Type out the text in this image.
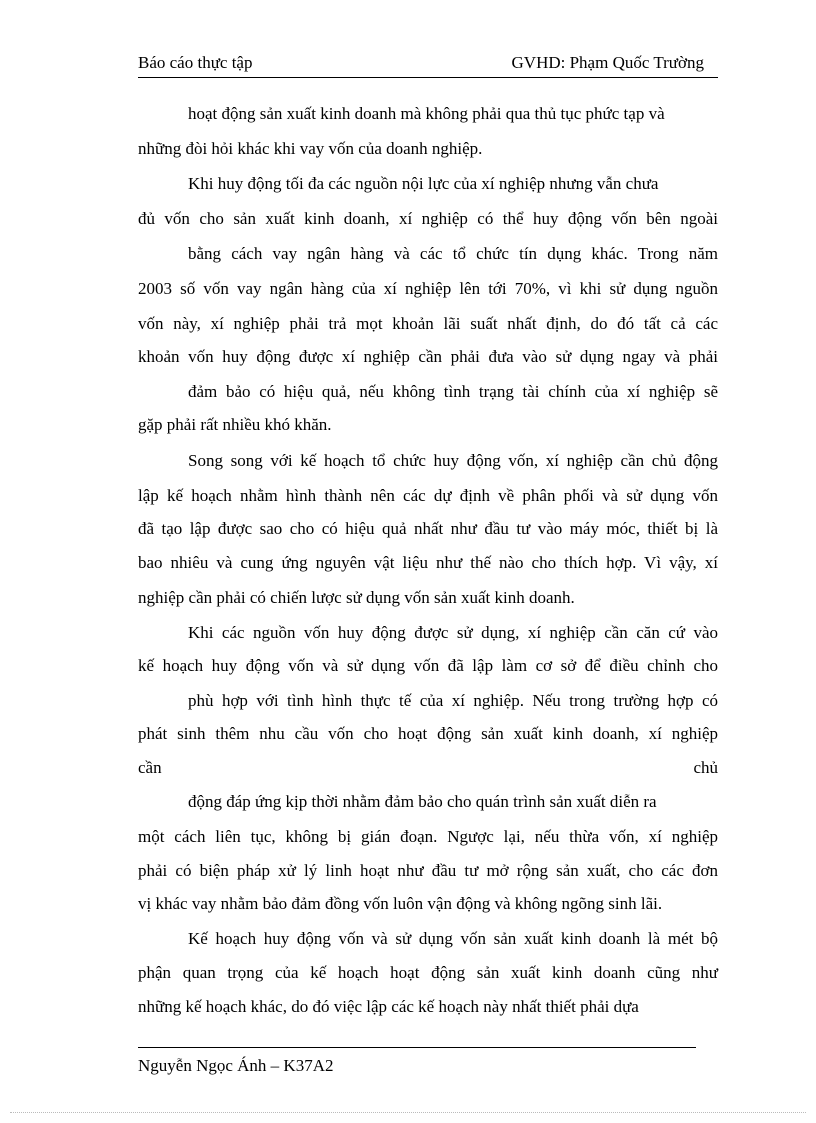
Báo cáo thực tập	GVHD: Phạm Quốc Trường
hoạt động sản xuất kinh doanh mà không phải qua thủ tục phức tạp và
những đòi hỏi khác khi vay vốn của doanh nghiệp.
Khi huy động tối đa các nguồn nội lực của xí nghiệp nhưng vẫn chưa
đủ vốn cho sản xuất kinh doanh, xí nghiệp có thể huy động vốn bên ngoài
bằng cách vay ngân hàng và các tổ chức tín dụng khác. Trong năm
2003 số vốn vay ngân hàng của xí nghiệp lên tới 70%, vì khi sử dụng nguồn
vốn này, xí nghiệp phải trả mọt khoản lãi suất nhất định, do đó tất cả các
khoản vốn huy động được xí nghiệp cần phải đưa vào sử dụng ngay và phải
đảm bảo có hiệu quả, nếu không tình trạng tài chính của xí nghiệp sẽ
gặp phải rất nhiều khó khăn.
Song song với kế hoạch tổ chức huy động vốn, xí nghiệp cần chủ động
lập kế hoạch nhằm hình thành nên các dự định về phân phối và sử dụng vốn
đã tạo lập được sao cho có hiệu quả nhất như đầu tư vào máy móc, thiết bị là
bao nhiêu và cung ứng nguyên vật liệu như thế nào cho thích hợp. Vì vậy, xí
nghiệp cần phải có chiến lược sử dụng vốn sản xuất kinh doanh.
Khi các nguồn vốn huy động được sử dụng, xí nghiệp cần căn cứ vào
kế hoạch huy động vốn và sử dụng vốn đã lập làm cơ sở để điều chỉnh cho
phù hợp với tình hình thực tế của xí nghiệp. Nếu trong trường hợp có
phát sinh thêm nhu cầu vốn cho hoạt động sản xuất kinh doanh, xí nghiệp
cần chủ
động đáp ứng kịp thời nhằm đảm bảo cho quán trình sản xuất diễn ra
một cách liên tục, không bị gián đoạn. Ngược lại, nếu thừa vốn, xí nghiệp
phải có biện pháp xử lý linh hoạt như đầu tư mở rộng sản xuất, cho các đơn
vị khác vay nhằm bảo đảm đồng vốn luôn vận động và không ngõng sinh lãi.
Kế hoạch huy động vốn và sử dụng vốn sản xuất kinh doanh là mét bộ
phận quan trọng của kế hoạch hoạt động sản xuất kinh doanh cũng như
những kế hoạch khác, do đó việc lập các kế hoạch này nhất thiết phải dựa
Nguyễn Ngọc Ánh – K37A2
